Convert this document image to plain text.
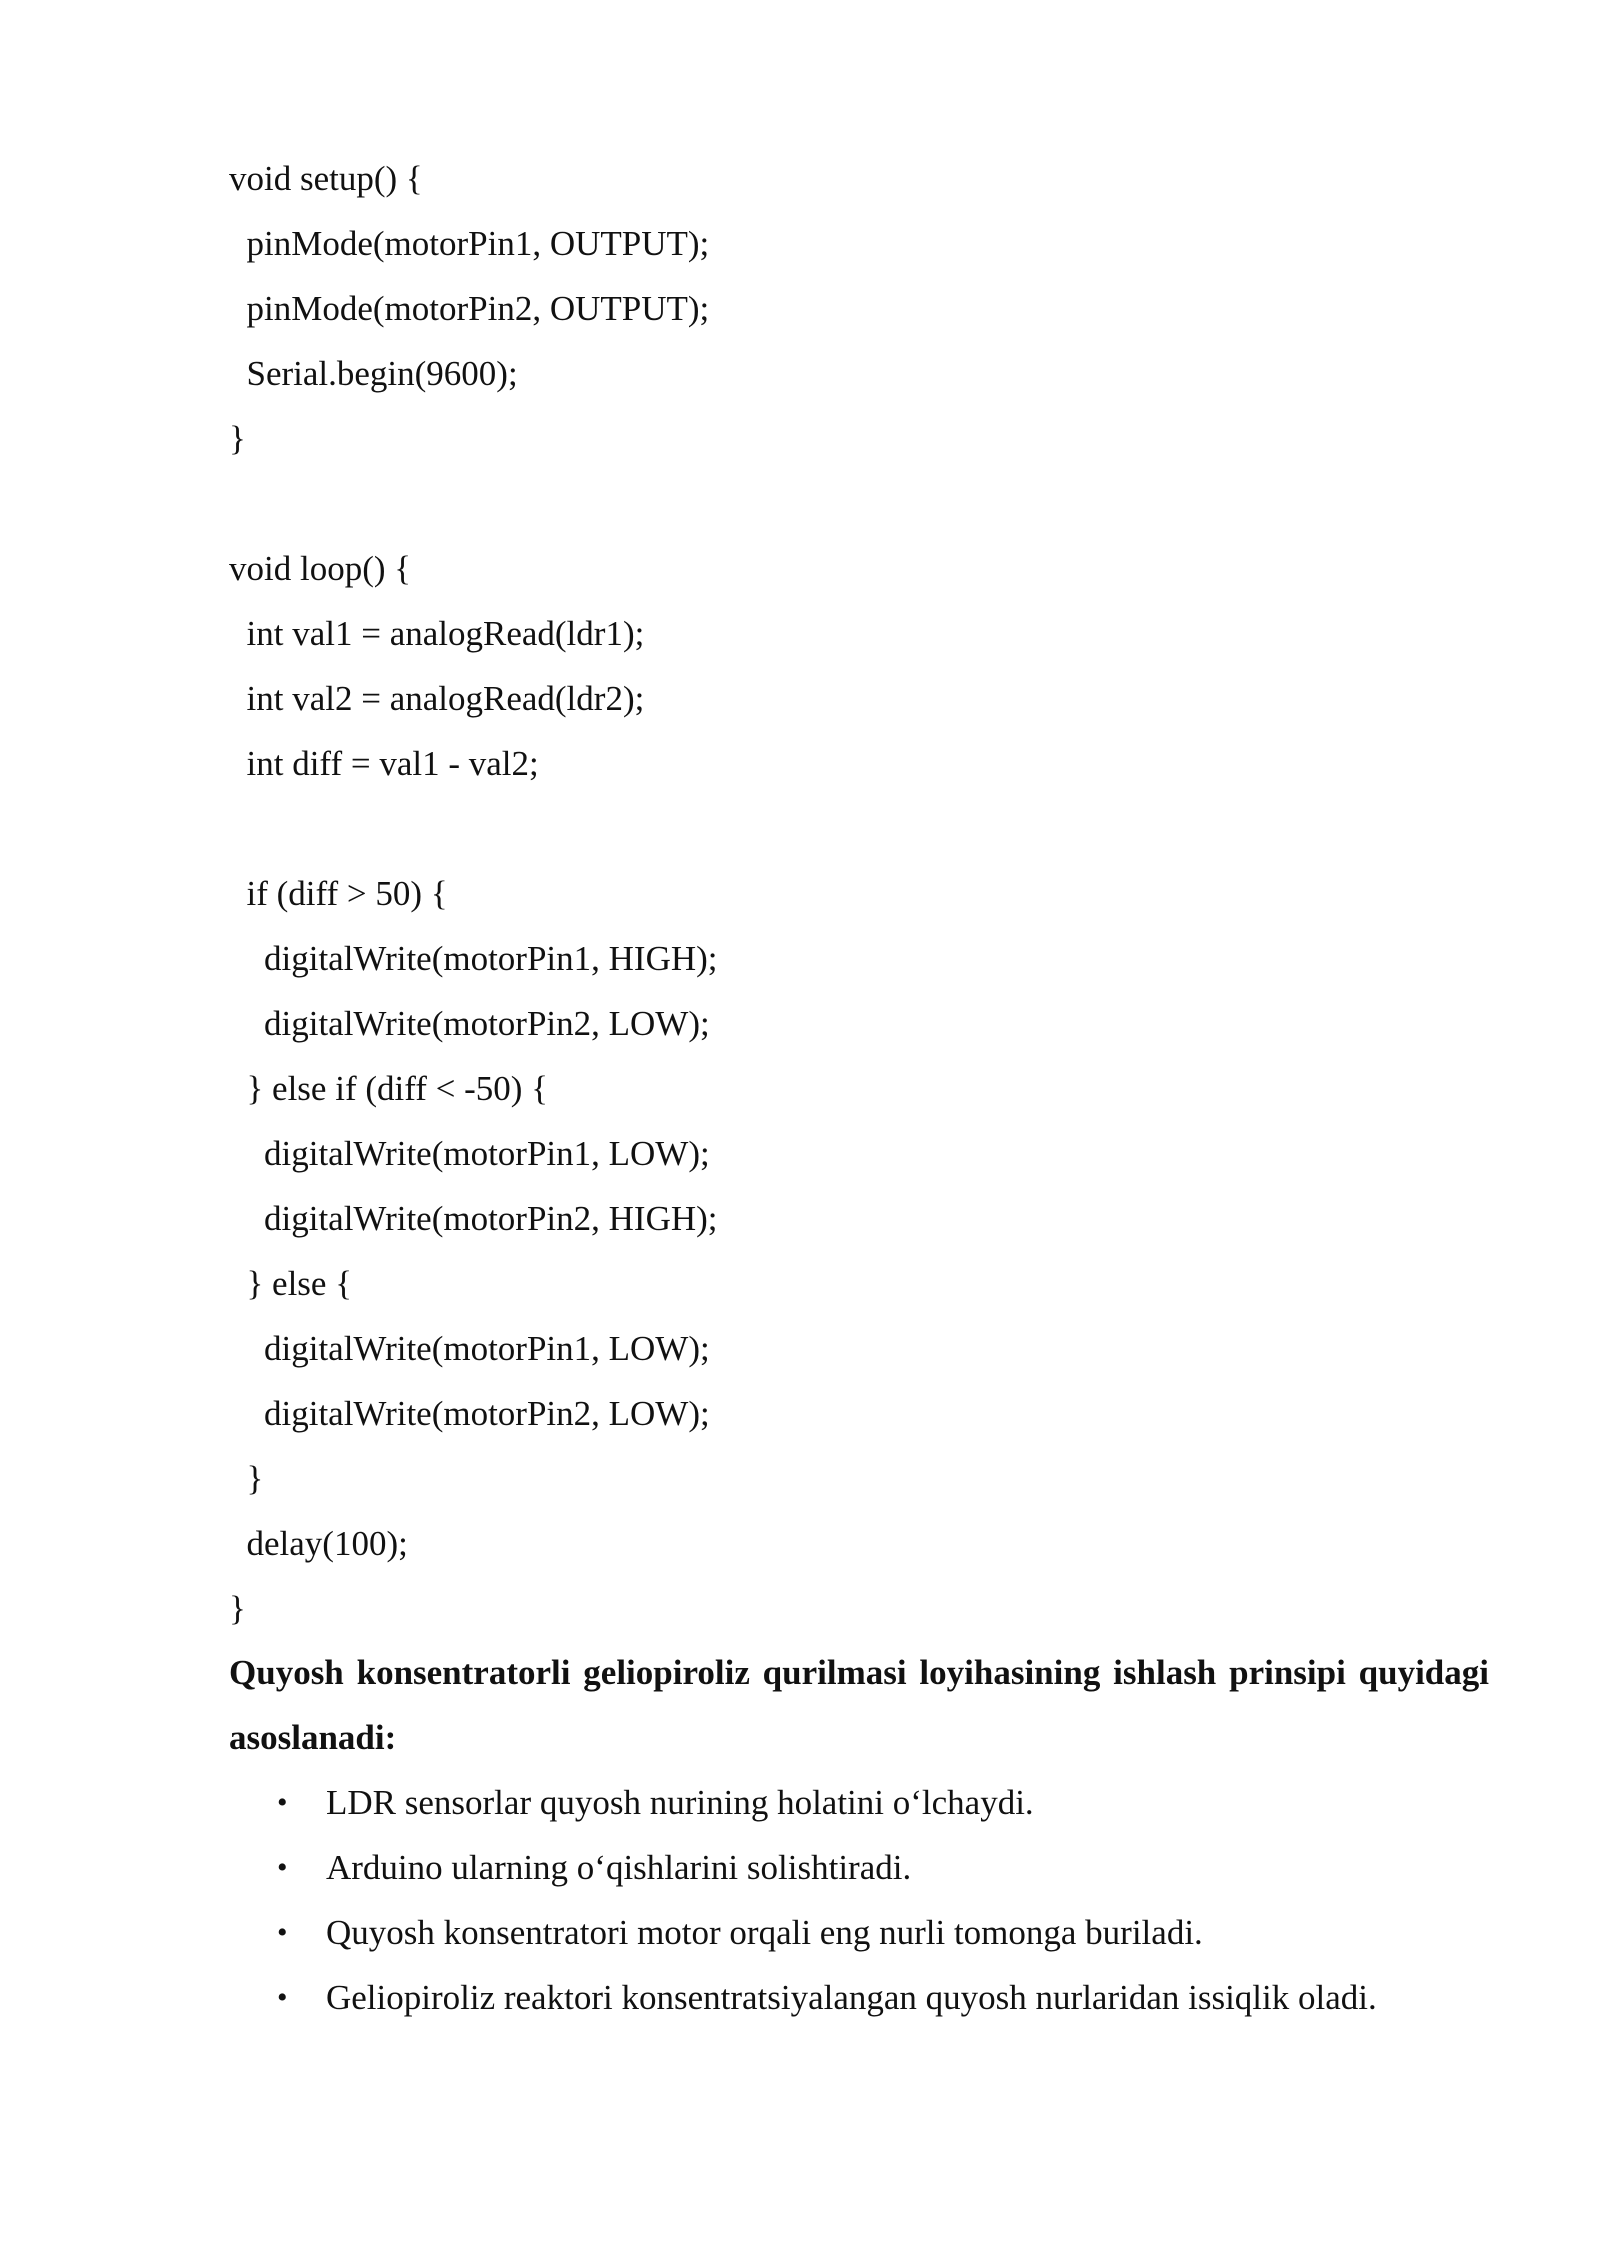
void setup() {
pinMode(motorPin1, OUTPUT);
pinMode(motorPin2, OUTPUT);
Serial.begin(9600);
}
void loop() {
int val1 = analogRead(ldr1);
int val2 = analogRead(ldr2);
int diff = val1 - val2;
if (diff > 50) {
digitalWrite(motorPin1, HIGH);
digitalWrite(motorPin2, LOW);
} else if (diff < -50) {
digitalWrite(motorPin1, LOW);
digitalWrite(motorPin2, HIGH);
} else {
digitalWrite(motorPin1, LOW);
digitalWrite(motorPin2, LOW);
}
delay(100);
}
Quyosh konsentratorli geliopiroliz qurilmasi loyihasining ishlash prinsipi quyidagi asoslanadi:
• LDR sensorlar quyosh nurining holatini o‘lchaydi.
• Arduino ularning o‘qishlarini solishtiradi.
• Quyosh konsentratori motor orqali eng nurli tomonga buriladi.
• Geliopiroliz reaktori konsentratsiyalangan quyosh nurlaridan issiqlik oladi.
